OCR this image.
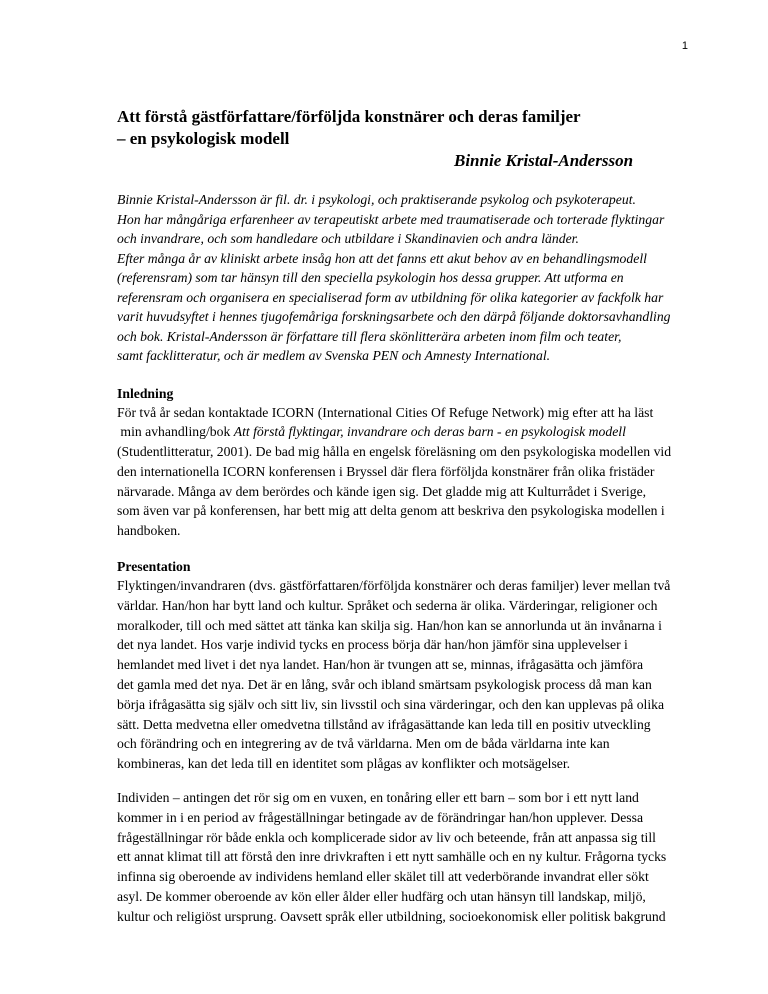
1
Att förstå gästförfattare/förföljda konstnärer och deras familjer
– en psykologisk modell
Binnie Kristal-Andersson
Binnie Kristal-Andersson är fil. dr. i psykologi, och praktiserande psykolog och psykoterapeut.
Hon har mångåriga erfarenheer av terapeutiskt arbete med traumatiserade och torterade flyktingar
och invandrare, och som handledare och utbildare i Skandinavien och andra länder.
Efter många år av kliniskt arbete insåg hon att det fanns ett akut behov av en behandlingsmodell
(referensram) som tar hänsyn till den speciella psykologin hos dessa grupper. Att utforma en
referensram och organisera en specialiserad form av utbildning för olika kategorier av fackfolk har
varit huvudsyftet i hennes tjugofemåriga forskningsarbete och den därpå följande doktorsavhandling
och bok. Kristal-Andersson är författare till flera skönlitterära arbeten inom film och teater,
samt facklitteratur, och är medlem av Svenska PEN och Amnesty International.
Inledning
För två år sedan kontaktade ICORN (International Cities Of Refuge Network) mig efter att ha läst
min avhandling/bok Att förstå flyktingar, invandrare och deras barn - en psykologisk modell
(Studentlitteratur, 2001). De bad mig hålla en engelsk föreläsning om den psykologiska modellen vid
den internationella ICORN konferensen i Bryssel där flera förföljda konstnärer från olika fristäder
närvarade. Många av dem berördes och kände igen sig. Det gladde mig att Kulturrådet i Sverige,
som även var på konferensen, har bett mig att delta genom att beskriva den psykologiska modellen i
handboken.
Presentation
Flyktingen/invandraren (dvs. gästförfattaren/förföljda konstnärer och deras familjer) lever mellan två
världar. Han/hon har bytt land och kultur. Språket och sederna är olika. Värderingar, religioner och
moralkoder, till och med sättet att tänka kan skilja sig. Han/hon kan se annorlunda ut än invånarna i
det nya landet. Hos varje individ tycks en process börja där han/hon jämför sina upplevelser i
hemlandet med livet i det nya landet. Han/hon är tvungen att se, minnas, ifrågasätta och jämföra
det gamla med det nya. Det är en lång, svår och ibland smärtsam psykologisk process då man kan
börja ifrågasätta sig själv och sitt liv, sin livsstil och sina värderingar, och den kan upplevas på olika
sätt. Detta medvetna eller omedvetna tillstånd av ifrågasättande kan leda till en positiv utveckling
och förändring och en integrering av de två världarna. Men om de båda världarna inte kan
kombineras, kan det leda till en identitet som plågas av konflikter och motsägelser.
Individen – antingen det rör sig om en vuxen, en tonåring eller ett barn – som bor i ett nytt land
kommer in i en period av frågeställningar betingade av de förändringar han/hon upplever. Dessa
frågeställningar rör både enkla och komplicerade sidor av liv och beteende, från att anpassa sig till
ett annat klimat till att förstå den inre drivkraften i ett nytt samhälle och en ny kultur. Frågorna tycks
infinna sig oberoende av individens hemland eller skälet till att vederbörande invandrat eller sökt
asyl. De kommer oberoende av kön eller ålder eller hudfärg och utan hänsyn till landskap, miljö,
kultur och religiöst ursprung. Oavsett språk eller utbildning, socioekonomisk eller politisk bakgrund
